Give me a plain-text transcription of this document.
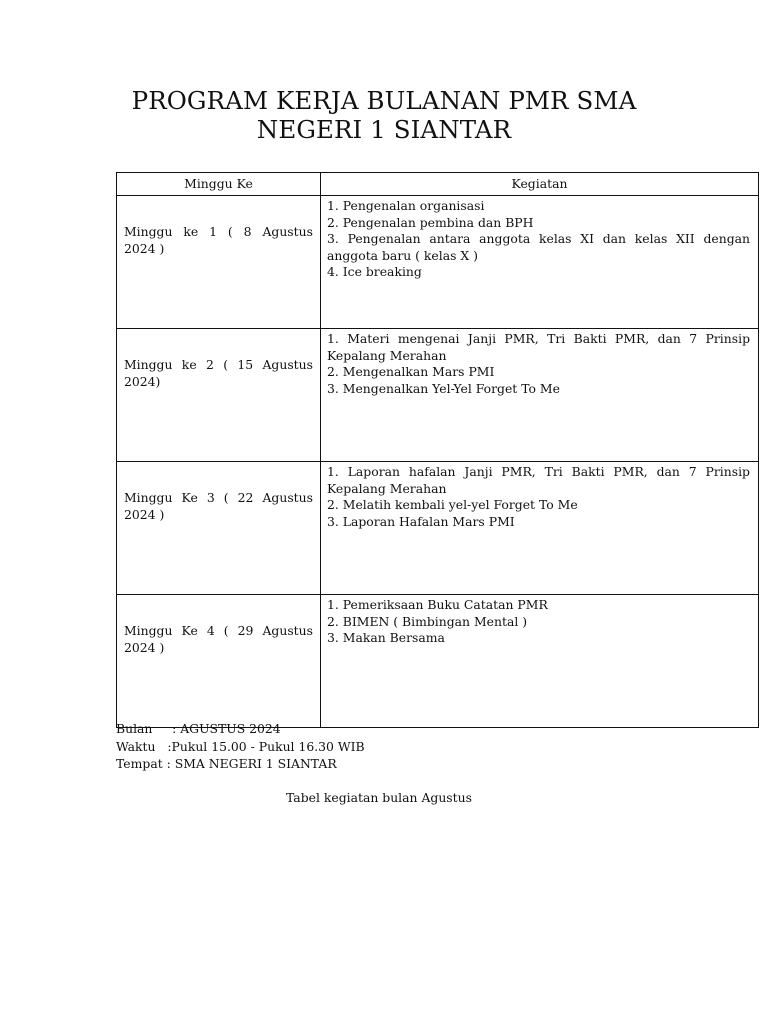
PROGRAM KERJA BULANAN PMR SMA
NEGERI 1 SIANTAR
Minggu Ke	Kegiatan

Minggu ke 1 ( 8 Agustus 2024 )	1. Pengenalan organisasi
2. Pengenalan pembina dan BPH
3. Pengenalan antara anggota kelas XI dan kelas XII dengan anggota baru ( kelas X )
4. Ice breaking

Minggu ke 2 ( 15 Agustus 2024)	1. Materi mengenai Janji PMR, Tri Bakti PMR, dan 7 Prinsip Kepalang Merahan
2. Mengenalkan Mars PMI
3. Mengenalkan Yel-Yel Forget To Me

Minggu Ke 3 ( 22 Agustus 2024 )	1. Laporan hafalan Janji PMR, Tri Bakti PMR, dan 7 Prinsip Kepalang Merahan
2. Melatih kembali yel-yel Forget To Me
3. Laporan Hafalan Mars PMI

Minggu Ke 4 ( 29 Agustus 2024 )	1. Pemeriksaan Buku Catatan PMR
2. BIMEN ( Bimbingan Mental )
3. Makan Bersama
Bulan     : AGUSTUS 2024
Waktu   :Pukul 15.00 - Pukul 16.30 WIB
Tempat : SMA NEGERI 1 SIANTAR
Tabel kegiatan bulan Agustus
